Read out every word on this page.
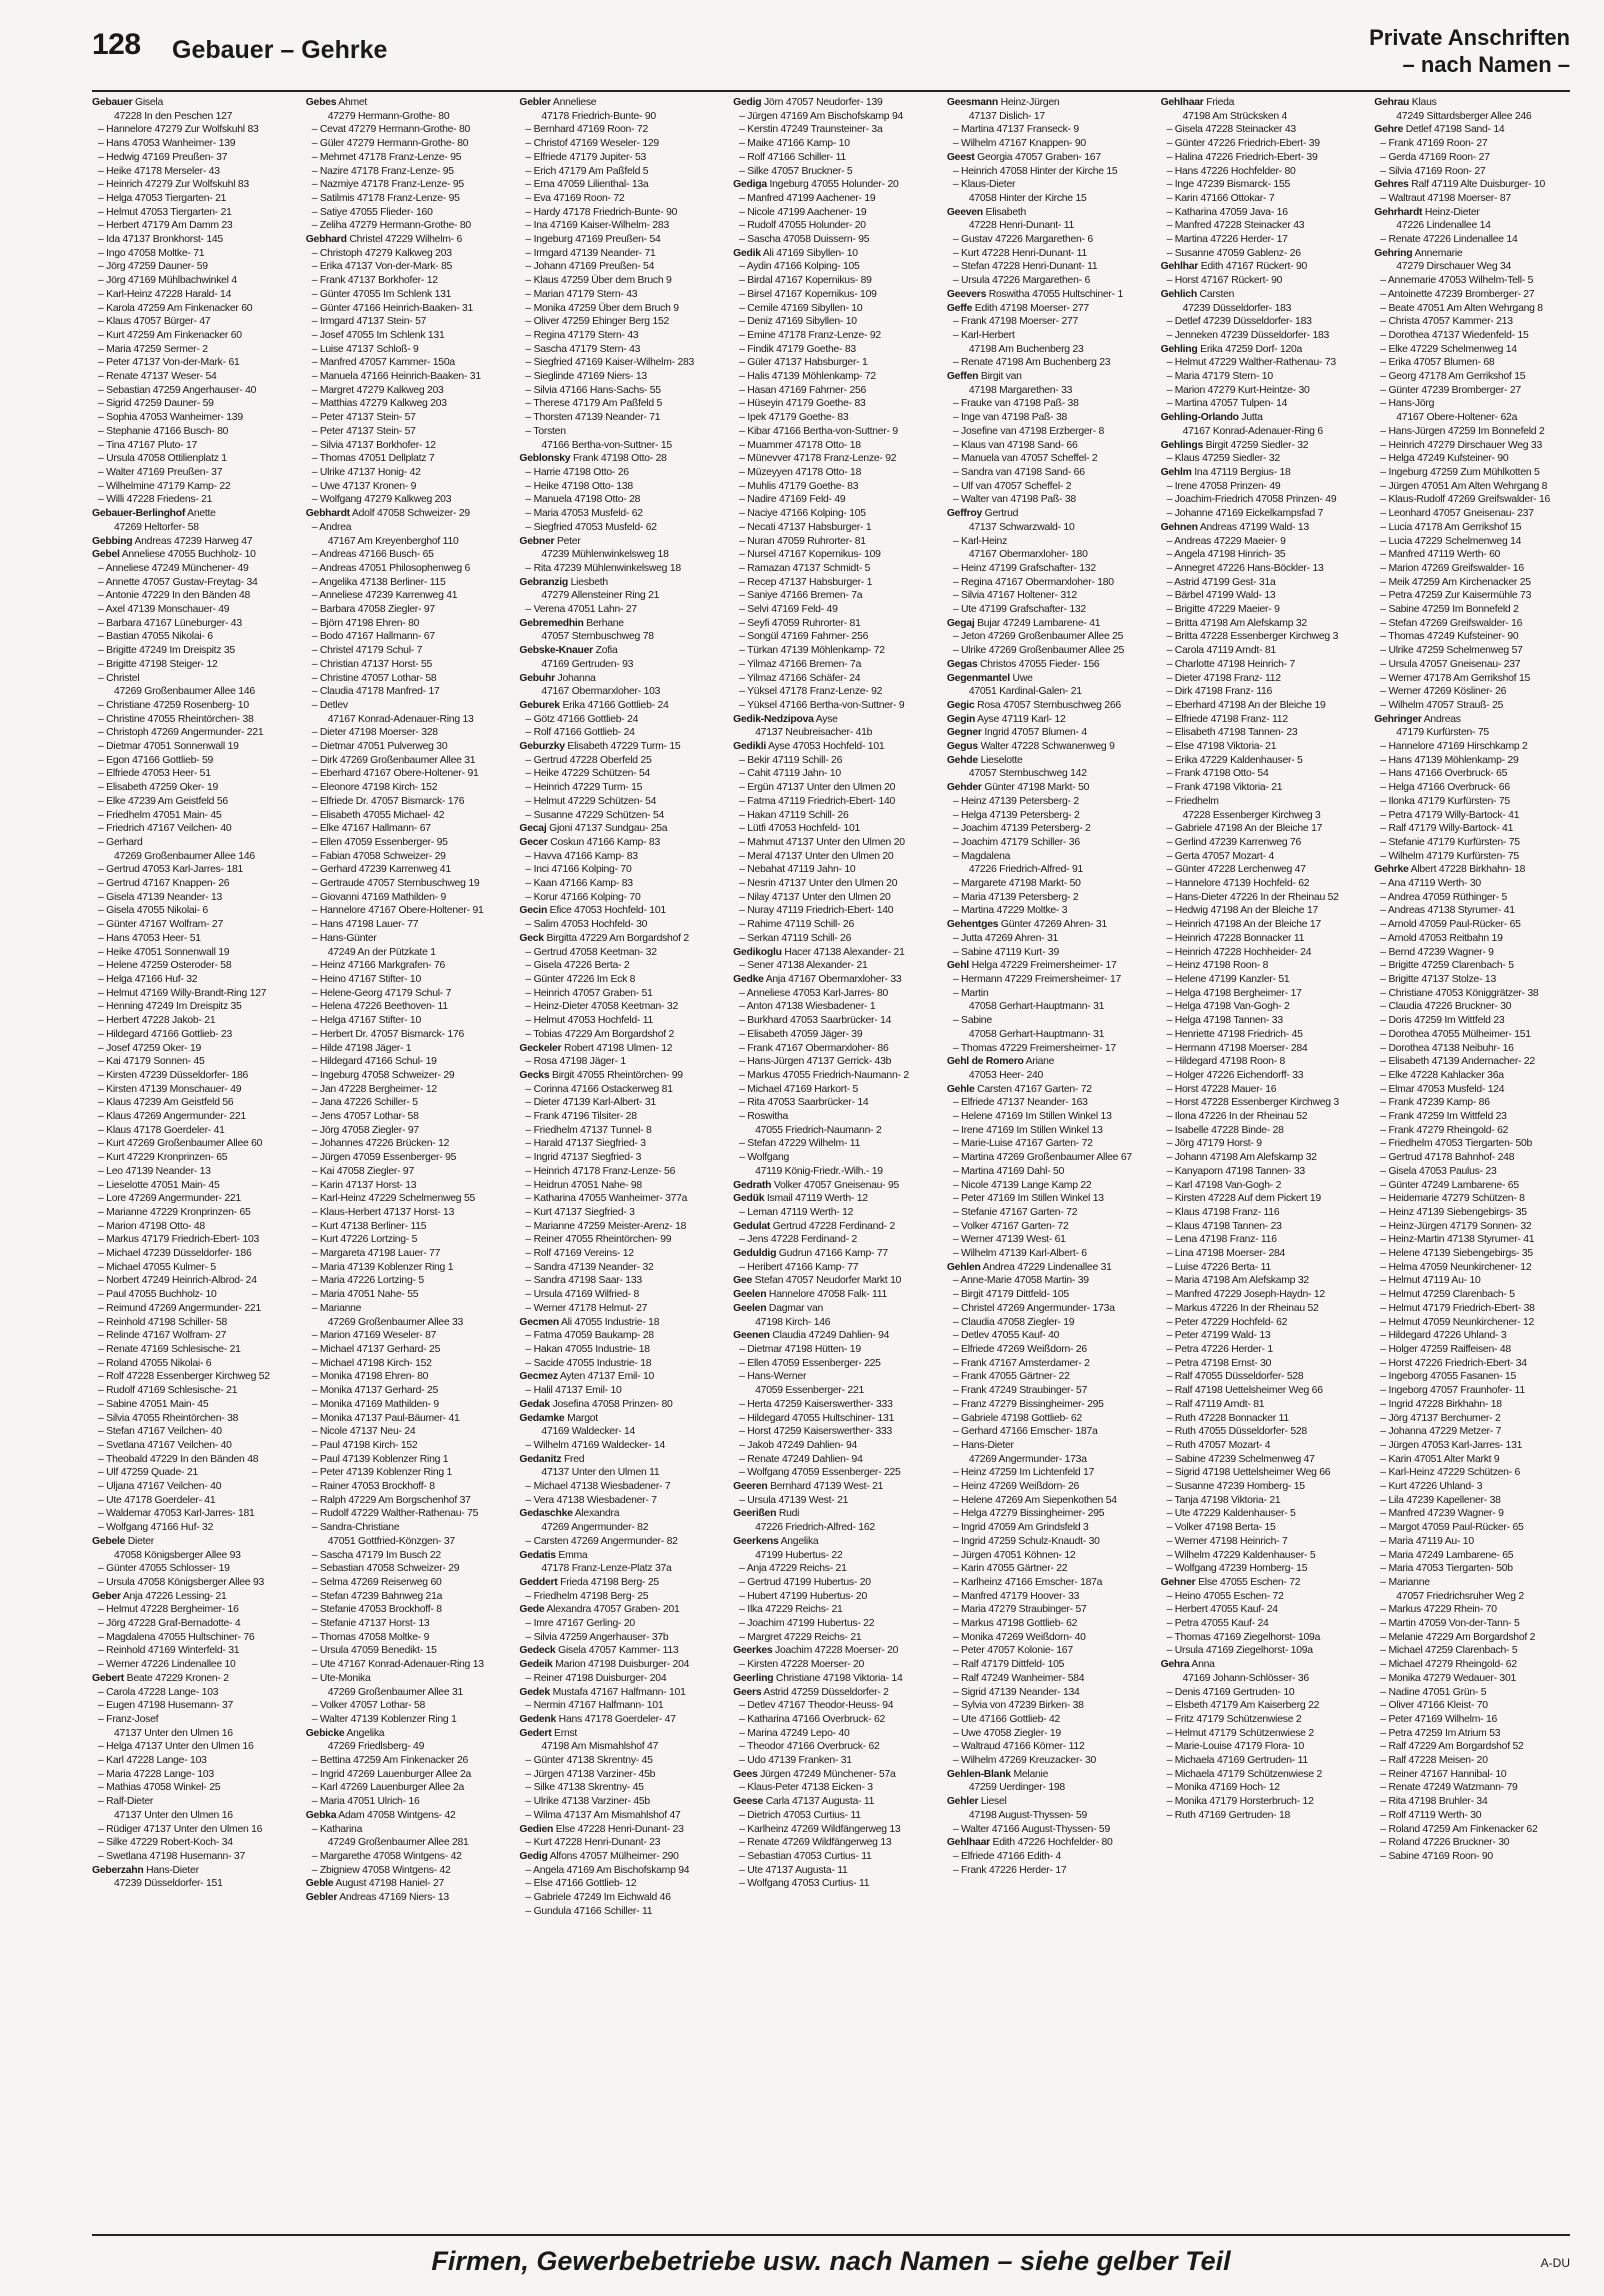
128 Gebauer – Gehrke	Private Anschriften
– nach Namen –
Gebauer Gisela
47228 In den Peschen 127
– Hannelore 47279 Zur Wolfskuhl 83
– Hans 47053 Wanheimer- 139
– Hedwig 47169 Preußen- 37
– Heike 47178 Merseler- 43
– Heinrich 47279 Zur Wolfskuhl 83
– Helga 47053 Tiergarten- 21
– Helmut 47053 Tiergarten- 21
– Herbert 47179 Am Damm 23
– Ida 47137 Bronkhorst- 145
– Ingo 47058 Moltke- 71
– Jörg 47259 Dauner- 59
– Jörg 47169 Mühlbachwinkel 4
– Karl-Heinz 47228 Harald- 14
– Karola 47259 Am Finkenacker 60
– Klaus 47057 Bürger- 47
– Kurt 47259 Am Finkenacker 60
– Maria 47259 Sermer- 2
– Peter 47137 Von-der-Mark- 61
– Renate 47137 Weser- 54
– Sebastian 47259 Angerhauser- 40
– Sigrid 47259 Dauner- 59
– Sophia 47053 Wanheimer- 139
– Stephanie 47166 Busch- 80
– Tina 47167 Pluto- 17
– Ursula 47058 Ottilienplatz 1
– Walter 47169 Preußen- 37
– Wilhelmine 47179 Kamp- 22
– Willi 47228 Friedens- 21
Gebauer-Berlinghof Anette
47269 Heltorfer- 58
Gebbing Andreas 47239 Harweg 47
Gebel Anneliese 47055 Buchholz- 10
– Anneliese 47249 Münchener- 49
– Annette 47057 Gustav-Freytag- 34
– Antonie 47229 In den Bänden 48
– Axel 47139 Monschauer- 49
– Barbara 47167 Lüneburger- 43
– Bastian 47055 Nikolai- 6
– Brigitte 47249 Im Dreispitz 35
– Brigitte 47198 Steiger- 12
– Christel
47269 Großenbaumer Allee 146
– Christiane 47259 Rosenberg- 10
– Christine 47055 Rheintörchen- 38
– Christoph 47269 Angermunder- 221
– Dietmar 47051 Sonnenwall 19
– Egon 47166 Gottlieb- 59
– Elfriede 47053 Heer- 51
– Elisabeth 47259 Oker- 19
– Elke 47239 Am Geistfeld 56
– Friedhelm 47051 Main- 45
– Friedrich 47167 Veilchen- 40
– Gerhard
47269 Großenbaumer Allee 146
– Gertrud 47053 Karl-Jarres- 181
– Gertrud 47167 Knappen- 26
– Gisela 47139 Neander- 13
– Gisela 47055 Nikolai- 6
– Günter 47167 Wolfram- 27
– Hans 47053 Heer- 51
– Heike 47051 Sonnenwall 19
– Helene 47259 Osteroder- 58
– Helga 47166 Huf- 32
– Helmut 47169 Willy-Brandt-Ring 127
– Henning 47249 Im Dreispitz 35
– Herbert 47228 Jakob- 21
– Hildegard 47166 Gottlieb- 23
– Josef 47259 Oker- 19
– Kai 47179 Sonnen- 45
– Kirsten 47239 Düsseldorfer- 186
– Kirsten 47139 Monschauer- 49
– Klaus 47239 Am Geistfeld 56
– Klaus 47269 Angermunder- 221
– Klaus 47178 Goerdeler- 41
– Kurt 47269 Großenbaumer Allee 60
– Kurt 47229 Kronprinzen- 65
– Leo 47139 Neander- 13
– Lieselotte 47051 Main- 45
– Lore 47269 Angermunder- 221
– Marianne 47229 Kronprinzen- 65
– Marion 47198 Otto- 48
– Markus 47179 Friedrich-Ebert- 103
– Michael 47239 Düsseldorfer- 186
– Michael 47055 Kulmer- 5
– Norbert 47249 Heinrich-Albrod- 24
– Paul 47055 Buchholz- 10
– Reimund 47269 Angermunder- 221
– Reinhold 47198 Schiller- 58
– Relinde 47167 Wolfram- 27
– Renate 47169 Schlesische- 21
– Roland 47055 Nikolai- 6
– Rolf 47228 Essenberger Kirchweg 52
– Rudolf 47169 Schlesische- 21
– Sabine 47051 Main- 45
– Silvia 47055 Rheintörchen- 38
– Stefan 47167 Veilchen- 40
– Svetlana 47167 Veilchen- 40
– Theobald 47229 In den Bänden 48
– Ulf 47259 Quade- 21
– Uljana 47167 Veilchen- 40
– Ute 47178 Goerdeler- 41
– Waldemar 47053 Karl-Jarres- 181
– Wolfgang 47166 Huf- 32
Gebele Dieter
47058 Königsberger Allee 93
– Günter 47055 Schlosser- 19
– Ursula 47058 Königsberger Allee 93
Geber Anja 47226 Lessing- 21
– Helmut 47228 Bergheimer- 16
– Jörg 47228 Graf-Bernadotte- 4
– Magdalena 47055 Hultschiner- 76
– Reinhold 47169 Winterfeld- 31
– Werner 47226 Lindenallee 10
Gebert Beate 47229 Kronen- 2
– Carola 47228 Lange- 103
– Eugen 47198 Husemann- 37
– Franz-Josef
47137 Unter den Ulmen 16
– Helga 47137 Unter den Ulmen 16
– Karl 47228 Lange- 103
– Maria 47228 Lange- 103
– Mathias 47058 Winkel- 25
– Ralf-Dieter
47137 Unter den Ulmen 16
– Rüdiger 47137 Unter den Ulmen 16
– Silke 47229 Robert-Koch- 34
– Swetlana 47198 Husemann- 37
Geberzahn Hans-Dieter
47239 Düsseldorfer- 151
Gebes Ahmet
47279 Hermann-Grothe- 80
– Cevat 47279 Hermann-Grothe- 80
– Güler 47279 Hermann-Grothe- 80
– Mehmet 47178 Franz-Lenze- 95
– Nazire 47178 Franz-Lenze- 95
– Nazmiye 47178 Franz-Lenze- 95
– Satilmis 47178 Franz-Lenze- 95
– Satiye 47055 Flieder- 160
– Zeliha 47279 Hermann-Grothe- 80
Gebhard Christel 47229 Wilhelm- 6
– Christoph 47279 Kalkweg 203
– Erika 47137 Von-der-Mark- 85
– Frank 47137 Borkhofer- 12
– Günter 47055 Im Schlenk 131
– Günter 47166 Heinrich-Baaken- 31
– Irmgard 47137 Stein- 57
– Josef 47055 Im Schlenk 131
– Luise 47137 Schloß- 9
– Manfred 47057 Kammer- 150a
– Manuela 47166 Heinrich-Baaken- 31
– Margret 47279 Kalkweg 203
– Matthias 47279 Kalkweg 203
– Peter 47137 Stein- 57
– Peter 47137 Stein- 57
– Silvia 47137 Borkhofer- 12
– Thomas 47051 Dellplatz 7
– Ulrike 47137 Honig- 42
– Uwe 47137 Kronen- 9
– Wolfgang 47279 Kalkweg 203
Gebhardt Adolf 47058 Schweizer- 29
– Andrea
47167 Am Kreyenberghof 110
– Andreas 47166 Busch- 65
– Andreas 47051 Philosophenweg 6
– Angelika 47138 Berliner- 115
– Anneliese 47239 Karrenweg 41
– Barbara 47058 Ziegler- 97
– Björn 47198 Ehren- 80
– Bodo 47167 Hallmann- 67
– Christel 47179 Schul- 7
– Christian 47137 Horst- 55
– Christine 47057 Lothar- 58
– Claudia 47178 Manfred- 17
– Detlev
47167 Konrad-Adenauer-Ring 13
– Dieter 47198 Moerser- 328
– Dietmar 47051 Pulverweg 30
– Dirk 47269 Großenbaumer Allee 31
– Eberhard 47167 Obere-Holtener- 91
– Eleonore 47198 Kirch- 152
– Elfriede Dr. 47057 Bismarck- 176
– Elisabeth 47055 Michael- 42
– Elke 47167 Hallmann- 67
– Ellen 47059 Essenberger- 95
– Fabian 47058 Schweizer- 29
– Gerhard 47239 Karrenweg 41
– Gertraude 47057 Sternbuschweg 19
– Giovanni 47169 Mathilden- 9
– Hannelore 47167 Obere-Holtener- 91
– Hans 47198 Lauer- 77
– Hans-Günter
47249 An der Pützkate 1
– Heinz 47166 Markgrafen- 76
– Heino 47167 Stifter- 10
– Helene-Georg 47179 Schul- 7
– Helena 47226 Beethoven- 11
– Helga 47167 Stifter- 10
– Herbert Dr. 47057 Bismarck- 176
– Hilde 47198 Jäger- 1
– Hildegard 47166 Schul- 19
– Ingeburg 47058 Schweizer- 29
– Jan 47228 Bergheimer- 12
– Jana 47226 Schiller- 5
– Jens 47057 Lothar- 58
– Jörg 47058 Ziegler- 97
– Johannes 47226 Brücken- 12
– Jürgen 47059 Essenberger- 95
– Kai 47058 Ziegler- 97
– Karin 47137 Horst- 13
– Karl-Heinz 47229 Schelmenweg 55
– Klaus-Herbert 47137 Horst- 13
– Kurt 47138 Berliner- 115
– Kurt 47226 Lortzing- 5
– Margareta 47198 Lauer- 77
– Maria 47139 Koblenzer Ring 1
– Maria 47226 Lortzing- 5
– Maria 47051 Nahe- 55
– Marianne
47269 Großenbaumer Allee 33
– Marion 47169 Weseler- 87
– Michael 47137 Gerhard- 25
– Michael 47198 Kirch- 152
– Monika 47198 Ehren- 80
– Monika 47137 Gerhard- 25
– Monika 47169 Mathilden- 9
– Monika 47137 Paul-Bäumer- 41
– Nicole 47137 Neu- 24
– Paul 47198 Kirch- 152
– Paul 47139 Koblenzer Ring 1
– Peter 47139 Koblenzer Ring 1
– Rainer 47053 Brockhoff- 8
– Ralph 47229 Am Borgschenhof 37
– Rudolf 47229 Walther-Rathenau- 75
– Sandra-Christiane
47051 Gottfried-Könzgen- 37
– Sascha 47179 Im Busch 22
– Sebastian 47058 Schweizer- 29
– Selma 47269 Reiserweg 60
– Stefan 47239 Bahnweg 21a
– Stefanie 47053 Brockhoff- 8
– Stefanie 47137 Horst- 13
– Thomas 47058 Moltke- 9
– Ursula 47059 Benedikt- 15
– Ute 47167 Konrad-Adenauer-Ring 13
– Ute-Monika
47269 Großenbaumer Allee 31
– Volker 47057 Lothar- 58
– Walter 47139 Koblenzer Ring 1
Gebicke Angelika
47269 Friedlsberg- 49
– Bettina 47259 Am Finkenacker 26
– Ingrid 47269 Lauenburger Allee 2a
– Karl 47269 Lauenburger Allee 2a
– Maria 47051 Ulrich- 16
Gebka Adam 47058 Wintgens- 42
– Katharina
47249 Großenbaumer Allee 281
– Margarethe 47058 Wintgens- 42
– Zbigniew 47058 Wintgens- 42
Geble August 47198 Haniel- 27
Gebler Andreas 47169 Niers- 13
Gebler Anneliese
47178 Friedrich-Bunte- 90
– Bernhard 47169 Roon- 72
– Christof 47169 Weseler- 129
– Elfriede 47179 Jupiter- 53
– Erich 47179 Am Paßfeld 5
– Erna 47059 Lilienthal- 13a
– Eva 47169 Roon- 72
– Hardy 47178 Friedrich-Bunte- 90
– Ina 47169 Kaiser-Wilhelm- 283
– Ingeburg 47169 Preußen- 54
– Irmgard 47139 Neander- 71
– Johann 47169 Preußen- 54
– Klaus 47259 Über dem Bruch 9
– Marian 47179 Stern- 43
– Monika 47259 Über dem Bruch 9
– Oliver 47259 Ehinger Berg 152
– Regina 47179 Stern- 43
– Sascha 47179 Stern- 43
– Siegfried 47169 Kaiser-Wilhelm- 283
– Sieglinde 47169 Niers- 13
– Silvia 47166 Hans-Sachs- 55
– Therese 47179 Am Paßfeld 5
– Thorsten 47139 Neander- 71
– Torsten
47166 Bertha-von-Suttner- 15
Geblonsky Frank 47198 Otto- 28
– Harrie 47198 Otto- 26
– Heike 47198 Otto- 138
– Manuela 47198 Otto- 28
– Maria 47053 Musfeld- 62
– Siegfried 47053 Musfeld- 62
Gebner Peter
47239 Mühlenwinkelsweg 18
– Rita 47239 Mühlenwinkelsweg 18
Gebranzig Liesbeth
47279 Allensteiner Ring 21
– Verena 47051 Lahn- 27
Gebremedhin Berhane
47057 Sternbuschweg 78
Gebske-Knauer Zofia
47169 Gertruden- 93
Gebuhr Johanna
47167 Obermarxloher- 103
Geburek Erika 47166 Gottlieb- 24
– Götz 47166 Gottlieb- 24
– Rolf 47166 Gottlieb- 24
Geburzky Elisabeth 47229 Turm- 15
– Gertrud 47228 Oberfeld 25
– Heike 47229 Schützen- 54
– Heinrich 47229 Turm- 15
– Helmut 47229 Schützen- 54
– Susanne 47229 Schützen- 54
Gecaj Gjoni 47137 Sundgau- 25a
Gecer Coskun 47166 Kamp- 83
– Havva 47166 Kamp- 83
– Inci 47166 Kolping- 70
– Kaan 47166 Kamp- 83
– Korur 47166 Kolping- 70
Gecin Efice 47053 Hochfeld- 101
– Salim 47053 Hochfeld- 30
Geck Birgitta 47229 Am Borgardshof 2
– Gertrud 47058 Keetman- 32
– Gisela 47226 Berta- 2
– Günter 47226 Im Eck 8
– Heinrich 47057 Graben- 51
– Heinz-Dieter 47058 Keetman- 32
– Helmut 47053 Hochfeld- 11
– Tobias 47229 Am Borgardshof 2
Geckeler Robert 47198 Ulmen- 12
– Rosa 47198 Jäger- 1
Gecks Birgit 47055 Rheintörchen- 99
– Corinna 47166 Ostackerweg 81
– Dieter 47139 Karl-Albert- 31
– Frank 47196 Tilsiter- 28
– Friedhelm 47137 Tunnel- 8
– Harald 47137 Siegfried- 3
– Ingrid 47137 Siegfried- 3
– Heinrich 47178 Franz-Lenze- 56
– Heidrun 47051 Nahe- 98
– Katharina 47055 Wanheimer- 377a
– Kurt 47137 Siegfried- 3
– Marianne 47259 Meister-Arenz- 18
– Reiner 47055 Rheintörchen- 99
– Rolf 47169 Vereins- 12
– Sandra 47139 Neander- 32
– Sandra 47198 Saar- 133
– Ursula 47169 Wilfried- 8
– Werner 47178 Helmut- 27
Gecmen Ali 47055 Industrie- 18
– Fatma 47059 Baukamp- 28
– Hakan 47055 Industrie- 18
– Sacide 47055 Industrie- 18
Gecmez Ayten 47137 Emil- 10
– Halil 47137 Emil- 10
Gedak Josefina 47058 Prinzen- 80
Gedamke Margot
47169 Waldecker- 14
– Wilhelm 47169 Waldecker- 14
Gedanitz Fred
47137 Unter den Ulmen 11
– Michael 47138 Wiesbadener- 7
– Vera 47138 Wiesbadener- 7
Gedaschke Alexandra
47269 Angermunder- 82
– Carsten 47269 Angermunder- 82
Gedatis Emma
47178 Franz-Lenze-Platz 37a
Geddert Frieda 47198 Berg- 25
– Friedhelm 47198 Berg- 25
Gede Alexandra 47057 Graben- 201
– Imre 47167 Gerling- 20
– Silvia 47259 Angerhauser- 37b
Gedeck Gisela 47057 Kammer- 113
Gedeik Marion 47198 Duisburger- 204
– Reiner 47198 Duisburger- 204
Gedek Mustafa 47167 Halfmann- 101
– Nermin 47167 Halfmann- 101
Gedenk Hans 47178 Goerdeler- 47
Gedert Ernst
47198 Am Mismahlshof 47
– Günter 47138 Skrentny- 45
– Jürgen 47138 Varziner- 45b
– Silke 47138 Skrentny- 45
– Ulrike 47138 Varziner- 45b
– Wilma 47137 Am Mismahlshof 47
Gedien Else 47228 Henri-Dunant- 23
– Kurt 47228 Henri-Dunant- 23
Gedig Alfons 47057 Mülheimer- 290
– Angela 47169 Am Bischofskamp 94
– Else 47166 Gottlieb- 12
– Gabriele 47249 Im Eichwald 46
– Gundula 47166 Schiller- 11
Gedig Jörn 47057 Neudorfer- 139
– Jürgen 47169 Am Bischofskamp 94
– Kerstin 47249 Traunsteiner- 3a
– Maike 47166 Kamp- 10
– Rolf 47166 Schiller- 11
– Silke 47057 Bruckner- 5
Gediga Ingeburg 47055 Holunder- 20
– Manfred 47199 Aachener- 19
– Nicole 47199 Aachener- 19
– Rudolf 47055 Holunder- 20
– Sascha 47058 Duissern- 95
Gedik Ali 47169 Sibyllen- 10
– Aydin 47166 Kolping- 105
– Birdal 47167 Kopernikus- 89
– Birsel 47167 Kopernikus- 109
– Cemile 47169 Sibyllen- 10
– Deniz 47169 Sibyllen- 10
– Emine 47178 Franz-Lenze- 92
– Findik 47179 Goethe- 83
– Güler 47137 Habsburger- 1
– Halis 47139 Möhlenkamp- 72
– Hasan 47169 Fahrner- 256
– Hüseyin 47179 Goethe- 83
– Ipek 47179 Goethe- 83
– Kibar 47166 Bertha-von-Suttner- 9
– Muammer 47178 Otto- 18
– Münevver 47178 Franz-Lenze- 92
– Müzeyyen 47178 Otto- 18
– Muhlis 47179 Goethe- 83
– Nadire 47169 Feld- 49
– Naciye 47166 Kolping- 105
– Necati 47137 Habsburger- 1
– Nuran 47059 Ruhrorter- 81
– Nursel 47167 Kopernikus- 109
– Ramazan 47137 Schmidt- 5
– Recep 47137 Habsburger- 1
– Saniye 47166 Bremen- 7a
– Selvi 47169 Feld- 49
– Seyfi 47059 Ruhrorter- 81
– Songül 47169 Fahrner- 256
– Türkan 47139 Möhlenkamp- 72
– Yilmaz 47166 Bremen- 7a
– Yilmaz 47166 Schäfer- 24
– Yüksel 47178 Franz-Lenze- 92
– Yüksel 47166 Bertha-von-Suttner- 9
Gedik-Nedzipova Ayse
47137 Neubreisacher- 41b
Gedikli Ayse 47053 Hochfeld- 101
– Bekir 47119 Schill- 26
– Cahit 47119 Jahn- 10
– Ergün 47137 Unter den Ulmen 20
– Fatma 47119 Friedrich-Ebert- 140
– Hakan 47119 Schill- 26
– Lütfi 47053 Hochfeld- 101
– Mahmut 47137 Unter den Ulmen 20
– Meral 47137 Unter den Ulmen 20
– Nebahat 47119 Jahn- 10
– Nesrin 47137 Unter den Ulmen 20
– Nilay 47137 Unter den Ulmen 20
– Nuray 47119 Friedrich-Ebert- 140
– Rahime 47119 Schill- 26
– Serkan 47119 Schill- 26
Gedikoglu Hacer 47138 Alexander- 21
– Sener 47138 Alexander- 21
Gedke Anja 47167 Obermarxloher- 33
– Anneliese 47053 Karl-Jarres- 80
– Anton 47138 Wiesbadener- 1
– Burkhard 47053 Saarbrücker- 14
– Elisabeth 47059 Jäger- 39
– Frank 47167 Obermarxloher- 86
– Hans-Jürgen 47137 Gerrick- 43b
– Markus 47055 Friedrich-Naumann- 2
– Michael 47169 Harkort- 5
– Rita 47053 Saarbrücker- 14
– Roswitha
47055 Friedrich-Naumann- 2
– Stefan 47229 Wilhelm- 11
– Wolfgang
47119 König-Friedr.-Wilh.- 19
Gedrath Volker 47057 Gneisenau- 95
Gedük Ismail 47119 Werth- 12
– Leman 47119 Werth- 12
Gedulat Gertrud 47228 Ferdinand- 2
– Jens 47228 Ferdinand- 2
Geduldig Gudrun 47166 Kamp- 77
– Heribert 47166 Kamp- 77
Gee Stefan 47057 Neudorfer Markt 10
Geelen Hannelore 47058 Falk- 111
Geelen Dagmar van
47198 Kirch- 146
Geenen Claudia 47249 Dahlien- 94
– Dietmar 47198 Hütten- 19
– Ellen 47059 Essenberger- 225
– Hans-Werner
47059 Essenberger- 221
– Herta 47259 Kaiserswerther- 333
– Hildegard 47055 Hultschiner- 131
– Horst 47259 Kaiserswerther- 333
– Jakob 47249 Dahlien- 94
– Renate 47249 Dahlien- 94
– Wolfgang 47059 Essenberger- 225
Geeren Bernhard 47139 West- 21
– Ursula 47139 West- 21
Geerißen Rudi
47226 Friedrich-Alfred- 162
Geerkens Angelika
47199 Hubertus- 22
– Anja 47229 Reichs- 21
– Gertrud 47199 Hubertus- 20
– Hubert 47199 Hubertus- 20
– Ilka 47229 Reichs- 21
– Joachim 47199 Hubertus- 22
– Margret 47229 Reichs- 21
Geerkes Joachim 47228 Moerser- 20
– Kirsten 47228 Moerser- 20
Geerling Christiane 47198 Viktoria- 14
Geers Astrid 47259 Düsseldorfer- 2
– Detlev 47167 Theodor-Heuss- 94
– Katharina 47166 Overbruck- 62
– Marina 47249 Lepo- 40
– Theodor 47166 Overbruck- 62
– Udo 47139 Franken- 31
Gees Jürgen 47249 Münchener- 57a
– Klaus-Peter 47138 Eicken- 3
Geese Carla 47137 Augusta- 11
– Dietrich 47053 Curtius- 11
– Karlheinz 47269 Wildfängerweg 13
– Renate 47269 Wildfängerweg 13
– Sebastian 47053 Curtius- 11
– Ute 47137 Augusta- 11
– Wolfgang 47053 Curtius- 11
Geesmann Heinz-Jürgen
47137 Dislich- 17
– Martina 47137 Franseck- 9
– Wilhelm 47167 Knappen- 90
Geest Georgia 47057 Graben- 167
– Heinrich 47058 Hinter der Kirche 15
– Klaus-Dieter
47058 Hinter der Kirche 15
Geeven Elisabeth
47228 Henri-Dunant- 11
– Gustav 47226 Margarethen- 6
– Kurt 47228 Henri-Dunant- 11
– Stefan 47228 Henri-Dunant- 11
– Ursula 47226 Margarethen- 6
Geevers Roswitha 47055 Hultschiner- 1
Geffe Edith 47198 Moerser- 277
– Frank 47198 Moerser- 277
– Karl-Herbert
47198 Am Buchenberg 23
– Renate 47198 Am Buchenberg 23
Geffen Birgit van
47198 Margarethen- 33
– Frauke van 47198 Paß- 38
– Inge van 47198 Paß- 38
– Josefine van 47198 Erzberger- 8
– Klaus van 47198 Sand- 66
– Manuela van 47057 Scheffel- 2
– Sandra van 47198 Sand- 66
– Ulf van 47057 Scheffel- 2
– Walter van 47198 Paß- 38
Geffroy Gertrud
47137 Schwarzwald- 10
– Karl-Heinz
47167 Obermarxloher- 180
– Heinz 47199 Grafschafter- 132
– Regina 47167 Obermarxloher- 180
– Silvia 47167 Holtener- 312
– Ute 47199 Grafschafter- 132
Gegaj Bujar 47249 Lambarene- 41
– Jeton 47269 Großenbaumer Allee 25
– Ulrike 47269 Großenbaumer Allee 25
Gegas Christos 47055 Fieder- 156
Gegenmantel Uwe
47051 Kardinal-Galen- 21
Gegic Rosa 47057 Sternbuschweg 266
Gegin Ayse 47119 Karl- 12
Gegner Ingrid 47057 Blumen- 4
Gegus Walter 47228 Schwanenweg 9
Gehde Lieselotte
47057 Sternbuschweg 142
Gehder Günter 47198 Markt- 50
– Heinz 47139 Petersberg- 2
– Helga 47139 Petersberg- 2
– Joachim 47139 Petersberg- 2
– Joachim 47179 Schiller- 36
– Magdalena
47226 Friedrich-Alfred- 91
– Margarete 47198 Markt- 50
– Maria 47139 Petersberg- 2
– Martina 47229 Moltke- 3
Gehentges Günter 47269 Ahren- 31
– Jutta 47269 Ahren- 31
– Sabine 47119 Kurt- 39
Gehl Helga 47229 Freimersheimer- 17
– Hermann 47229 Freimersheimer- 17
– Martin
47058 Gerhart-Hauptmann- 31
– Sabine
47058 Gerhart-Hauptmann- 31
– Thomas 47229 Freimersheimer- 17
Gehl de Romero Ariane
47053 Heer- 240
Gehle Carsten 47167 Garten- 72
– Elfriede 47137 Neander- 163
– Helene 47169 Im Stillen Winkel 13
– Irene 47169 Im Stillen Winkel 13
– Marie-Luise 47167 Garten- 72
– Martina 47269 Großenbaumer Allee 67
– Martina 47169 Dahl- 50
– Nicole 47139 Lange Kamp 22
– Peter 47169 Im Stillen Winkel 13
– Stefanie 47167 Garten- 72
– Volker 47167 Garten- 72
– Werner 47139 West- 61
– Wilhelm 47139 Karl-Albert- 6
Gehlen Andrea 47229 Lindenallee 31
– Anne-Marie 47058 Martin- 39
– Birgit 47179 Dittfeld- 105
– Christel 47269 Angermunder- 173a
– Claudia 47058 Ziegler- 19
– Detlev 47055 Kauf- 40
– Elfriede 47269 Weißdorn- 26
– Frank 47167 Amsterdamer- 2
– Frank 47055 Gärtner- 22
– Frank 47249 Straubinger- 57
– Franz 47279 Bissingheimer- 295
– Gabriele 47198 Gottlieb- 62
– Gerhard 47166 Emscher- 187a
– Hans-Dieter
47269 Angermunder- 173a
– Heinz 47259 Im Lichtenfeld 17
– Heinz 47269 Weißdorn- 26
– Helene 47269 Am Siepenkothen 54
– Helga 47279 Bissingheimer- 295
– Ingrid 47059 Am Grindsfeld 3
– Ingrid 47259 Schulz-Knaudt- 30
– Jürgen 47051 Köhnen- 12
– Karin 47055 Gärtner- 22
– Karlheinz 47166 Emscher- 187a
– Manfred 47179 Hoover- 33
– Maria 47279 Straubinger- 57
– Markus 47198 Gottlieb- 62
– Monika 47269 Weißdorn- 40
– Peter 47057 Kolonie- 167
– Ralf 47179 Dittfeld- 105
– Ralf 47249 Wanheimer- 584
– Sigrid 47139 Neander- 134
– Sylvia von 47239 Birken- 38
– Ute 47166 Gottlieb- 42
– Uwe 47058 Ziegler- 19
– Waltraud 47166 Körner- 112
– Wilhelm 47269 Kreuzacker- 30
Gehlen-Blank Melanie
47259 Uerdinger- 198
Gehler Liesel
47198 August-Thyssen- 59
– Walter 47166 August-Thyssen- 59
Gehlhaar Edith 47226 Hochfelder- 80
– Elfriede 47166 Edith- 4
– Frank 47226 Herder- 17
Gehlhaar Frieda
47198 Am Strücksken 4
– Gisela 47228 Steinacker 43
– Günter 47226 Friedrich-Ebert- 39
– Halina 47226 Friedrich-Ebert- 39
– Hans 47226 Hochfelder- 80
– Inge 47239 Bismarck- 155
– Karin 47166 Ottokar- 7
– Katharina 47059 Java- 16
– Manfred 47228 Steinacker 43
– Martina 47226 Herder- 17
– Susanne 47059 Gablenz- 26
Gehlhar Edith 47167 Rückert- 90
– Horst 47167 Rückert- 90
Gehlich Carsten
47239 Düsseldorfer- 183
– Detlef 47239 Düsseldorfer- 183
– Jenneken 47239 Düsseldorfer- 183
Gehling Erika 47259 Dorf- 120a
– Helmut 47229 Walther-Rathenau- 73
– Maria 47179 Stern- 10
– Marion 47279 Kurt-Heintze- 30
– Martina 47057 Tulpen- 14
Gehling-Orlando Jutta
47167 Konrad-Adenauer-Ring 6
Gehlings Birgit 47259 Siedler- 32
– Klaus 47259 Siedler- 32
Gehlm Ina 47119 Bergius- 18
– Irene 47058 Prinzen- 49
– Joachim-Friedrich 47058 Prinzen- 49
– Johanne 47169 Eickelkampsfad 7
Gehnen Andreas 47199 Wald- 13
– Andreas 47229 Maeier- 9
– Angela 47198 Hinrich- 35
– Annegret 47226 Hans-Böckler- 13
– Astrid 47199 Gest- 31a
– Bärbel 47199 Wald- 13
– Brigitte 47229 Maeier- 9
– Britta 47198 Am Alefskamp 32
– Britta 47228 Essenberger Kirchweg 3
– Carola 47119 Arndt- 81
– Charlotte 47198 Heinrich- 7
– Dieter 47198 Franz- 112
– Dirk 47198 Franz- 116
– Eberhard 47198 An der Bleiche 19
– Elfriede 47198 Franz- 112
– Elisabeth 47198 Tannen- 23
– Else 47198 Viktoria- 21
– Erika 47229 Kaldenhauser- 5
– Frank 47198 Otto- 54
– Frank 47198 Viktoria- 21
– Friedhelm
47228 Essenberger Kirchweg 3
– Gabriele 47198 An der Bleiche 17
– Gerlind 47239 Karrenweg 76
– Gerta 47057 Mozart- 4
– Günter 47228 Lerchenweg 47
– Hannelore 47139 Hochfeld- 62
– Hans-Dieter 47226 In der Rheinau 52
– Hedwig 47198 An der Bleiche 17
– Heinrich 47198 An der Bleiche 17
– Heinrich 47228 Bonnacker 11
– Heinrich 47228 Hochheider- 24
– Heinz 47198 Roon- 8
– Helene 47199 Kanzler- 51
– Helga 47198 Bergheimer- 17
– Helga 47198 Van-Gogh- 2
– Helga 47198 Tannen- 33
– Henriette 47198 Friedrich- 45
– Hermann 47198 Moerser- 284
– Hildegard 47198 Roon- 8
– Holger 47226 Eichendorff- 33
– Horst 47228 Mauer- 16
– Horst 47228 Essenberger Kirchweg 3
– Ilona 47226 In der Rheinau 52
– Isabelle 47228 Binde- 28
– Jörg 47179 Horst- 9
– Johann 47198 Am Alefskamp 32
– Kanyaporn 47198 Tannen- 33
– Karl 47198 Van-Gogh- 2
– Kirsten 47228 Auf dem Pickert 19
– Klaus 47198 Franz- 116
– Klaus 47198 Tannen- 23
– Lena 47198 Franz- 116
– Lina 47198 Moerser- 284
– Luise 47226 Berta- 11
– Maria 47198 Am Alefskamp 32
– Manfred 47229 Joseph-Haydn- 12
– Markus 47226 In der Rheinau 52
– Peter 47229 Hochfeld- 62
– Peter 47199 Wald- 13
– Petra 47226 Herder- 1
– Petra 47198 Ernst- 30
– Ralf 47055 Düsseldorfer- 528
– Ralf 47198 Uettelsheimer Weg 66
– Ralf 47119 Arndt- 81
– Ruth 47228 Bonnacker 11
– Ruth 47055 Düsseldorfer- 528
– Ruth 47057 Mozart- 4
– Sabine 47239 Schelmenweg 47
– Sigrid 47198 Uettelsheimer Weg 66
– Susanne 47239 Homberg- 15
– Tanja 47198 Viktoria- 21
– Ute 47229 Kaldenhauser- 5
– Volker 47198 Berta- 15
– Werner 47198 Heinrich- 7
– Wilhelm 47229 Kaldenhauser- 5
– Wolfgang 47239 Homberg- 15
Gehner Else 47055 Eschen- 72
– Heino 47055 Eschen- 72
– Herbert 47055 Kauf- 24
– Petra 47055 Kauf- 24
– Thomas 47169 Ziegelhorst- 109a
– Ursula 47169 Ziegelhorst- 109a
Gehra Anna
47169 Johann-Schlösser- 36
– Denis 47169 Gertruden- 10
– Elsbeth 47179 Am Kaiserberg 22
– Fritz 47179 Schützenwiese 2
– Helmut 47179 Schützenwiese 2
– Marie-Louise 47179 Flora- 10
– Michaela 47169 Gertruden- 11
– Michaela 47179 Schützenwiese 2
– Monika 47169 Hoch- 12
– Monika 47179 Horsterbruch- 12
– Ruth 47169 Gertruden- 18
Gehrau Klaus
47249 Sittardsberger Allee 246
Gehre Detlef 47198 Sand- 14
– Frank 47169 Roon- 27
– Gerda 47169 Roon- 27
– Silvia 47169 Roon- 27
Gehres Ralf 47119 Alte Duisburger- 10
– Waltraut 47198 Moerser- 87
Gehrhardt Heinz-Dieter
47226 Lindenallee 14
– Renate 47226 Lindenallee 14
Gehring Annemarie
47279 Dirschauer Weg 34
– Annemarie 47053 Wilhelm-Tell- 5
– Antoinette 47239 Bromberger- 27
– Beate 47051 Am Alten Wehrgang 8
– Christa 47057 Kammer- 213
– Dorothea 47137 Wiedenfeld- 15
– Elke 47229 Schelmenweg 14
– Erika 47057 Blumen- 68
– Georg 47178 Am Gerrikshof 15
– Günter 47239 Bromberger- 27
– Hans-Jörg
47167 Obere-Holtener- 62a
– Hans-Jürgen 47259 Im Bonnefeld 2
– Heinrich 47279 Dirschauer Weg 33
– Helga 47249 Kufsteiner- 90
– Ingeburg 47259 Zum Mühlkotten 5
– Jürgen 47051 Am Alten Wehrgang 8
– Klaus-Rudolf 47269 Greifswalder- 16
– Leonhard 47057 Gneisenau- 237
– Lucia 47178 Am Gerrikshof 15
– Lucia 47229 Schelmenweg 14
– Manfred 47119 Werth- 60
– Marion 47269 Greifswalder- 16
– Meik 47259 Am Kirchenacker 25
– Petra 47259 Zur Kaisermühle 73
– Sabine 47259 Im Bonnefeld 2
– Stefan 47269 Greifswalder- 16
– Thomas 47249 Kufsteiner- 90
– Ulrike 47259 Schelmenweg 57
– Ursula 47057 Gneisenau- 237
– Werner 47178 Am Gerrikshof 15
– Werner 47269 Kösliner- 26
– Wilhelm 47057 Strauß- 25
Gehringer Andreas
47179 Kurfürsten- 75
– Hannelore 47169 Hirschkamp 2
– Hans 47139 Möhlenkamp- 29
– Hans 47166 Overbruck- 65
– Helga 47166 Overbruck- 66
– Ilonka 47179 Kurfürsten- 75
– Petra 47179 Willy-Bartock- 41
– Ralf 47179 Willy-Bartock- 41
– Stefanie 47179 Kurfürsten- 75
– Wilhelm 47179 Kurfürsten- 75
Gehrke Albert 47228 Birkhahn- 18
– Ana 47119 Werth- 30
– Andrea 47059 Rüthinger- 5
– Andreas 47138 Styrumer- 41
– Arnold 47059 Paul-Rücker- 65
– Arnold 47053 Reitbahn 19
– Bernd 47239 Wagner- 9
– Brigitte 47259 Clarenbach- 5
– Brigitte 47137 Stolze- 13
– Christiane 47053 Königgrätzer- 38
– Claudia 47226 Bruckner- 30
– Doris 47259 Im Wittfeld 23
– Dorothea 47055 Mülheimer- 151
– Dorothea 47138 Neibuhr- 16
– Elisabeth 47139 Andernacher- 22
– Elke 47228 Kahlacker 36a
– Elmar 47053 Musfeld- 124
– Frank 47239 Kamp- 86
– Frank 47259 Im Wittfeld 23
– Frank 47279 Rheingold- 62
– Friedhelm 47053 Tiergarten- 50b
– Gertrud 47178 Bahnhof- 248
– Gisela 47053 Paulus- 23
– Günter 47249 Lambarene- 65
– Heidemarie 47279 Schützen- 8
– Heinz 47139 Siebengebirgs- 35
– Heinz-Jürgen 47179 Sonnen- 32
– Heinz-Martin 47138 Styrumer- 41
– Helene 47139 Siebengebirgs- 35
– Helma 47059 Neunkirchener- 12
– Helmut 47119 Au- 10
– Helmut 47259 Clarenbach- 5
– Helmut 47179 Friedrich-Ebert- 38
– Helmut 47059 Neunkirchener- 12
– Hildegard 47226 Uhland- 3
– Holger 47259 Raiffeisen- 48
– Horst 47226 Friedrich-Ebert- 34
– Ingeborg 47055 Fasanen- 15
– Ingeborg 47057 Fraunhofer- 11
– Ingrid 47228 Birkhahn- 18
– Jörg 47137 Berchumer- 2
– Johanna 47229 Metzer- 7
– Jürgen 47053 Karl-Jarres- 131
– Karin 47051 Alter Markt 9
– Karl-Heinz 47229 Schützen- 6
– Kurt 47226 Uhland- 3
– Lila 47239 Kapellener- 38
– Manfred 47239 Wagner- 9
– Margot 47059 Paul-Rücker- 65
– Maria 47119 Au- 10
– Maria 47249 Lambarene- 65
– Maria 47053 Tiergarten- 50b
– Marianne
47057 Friedrichsruher Weg 2
– Markus 47229 Rhein- 70
– Martin 47059 Von-der-Tann- 5
– Melanie 47229 Am Borgardshof 2
– Michael 47259 Clarenbach- 5
– Michael 47279 Rheingold- 62
– Monika 47279 Wedauer- 301
– Nadine 47051 Grün- 5
– Oliver 47166 Kleist- 70
– Peter 47169 Wilhelm- 16
– Petra 47259 Im Atrium 53
– Ralf 47229 Am Borgardshof 52
– Ralf 47228 Meisen- 20
– Reiner 47167 Hannibal- 10
– Renate 47249 Watzmann- 79
– Rita 47198 Bruhler- 34
– Rolf 47119 Werth- 30
– Roland 47259 Am Finkenacker 62
– Roland 47226 Bruckner- 30
– Sabine 47169 Roon- 90
Firmen, Gewerbebetriebe usw. nach Namen – siehe gelber Teil	A-DU
